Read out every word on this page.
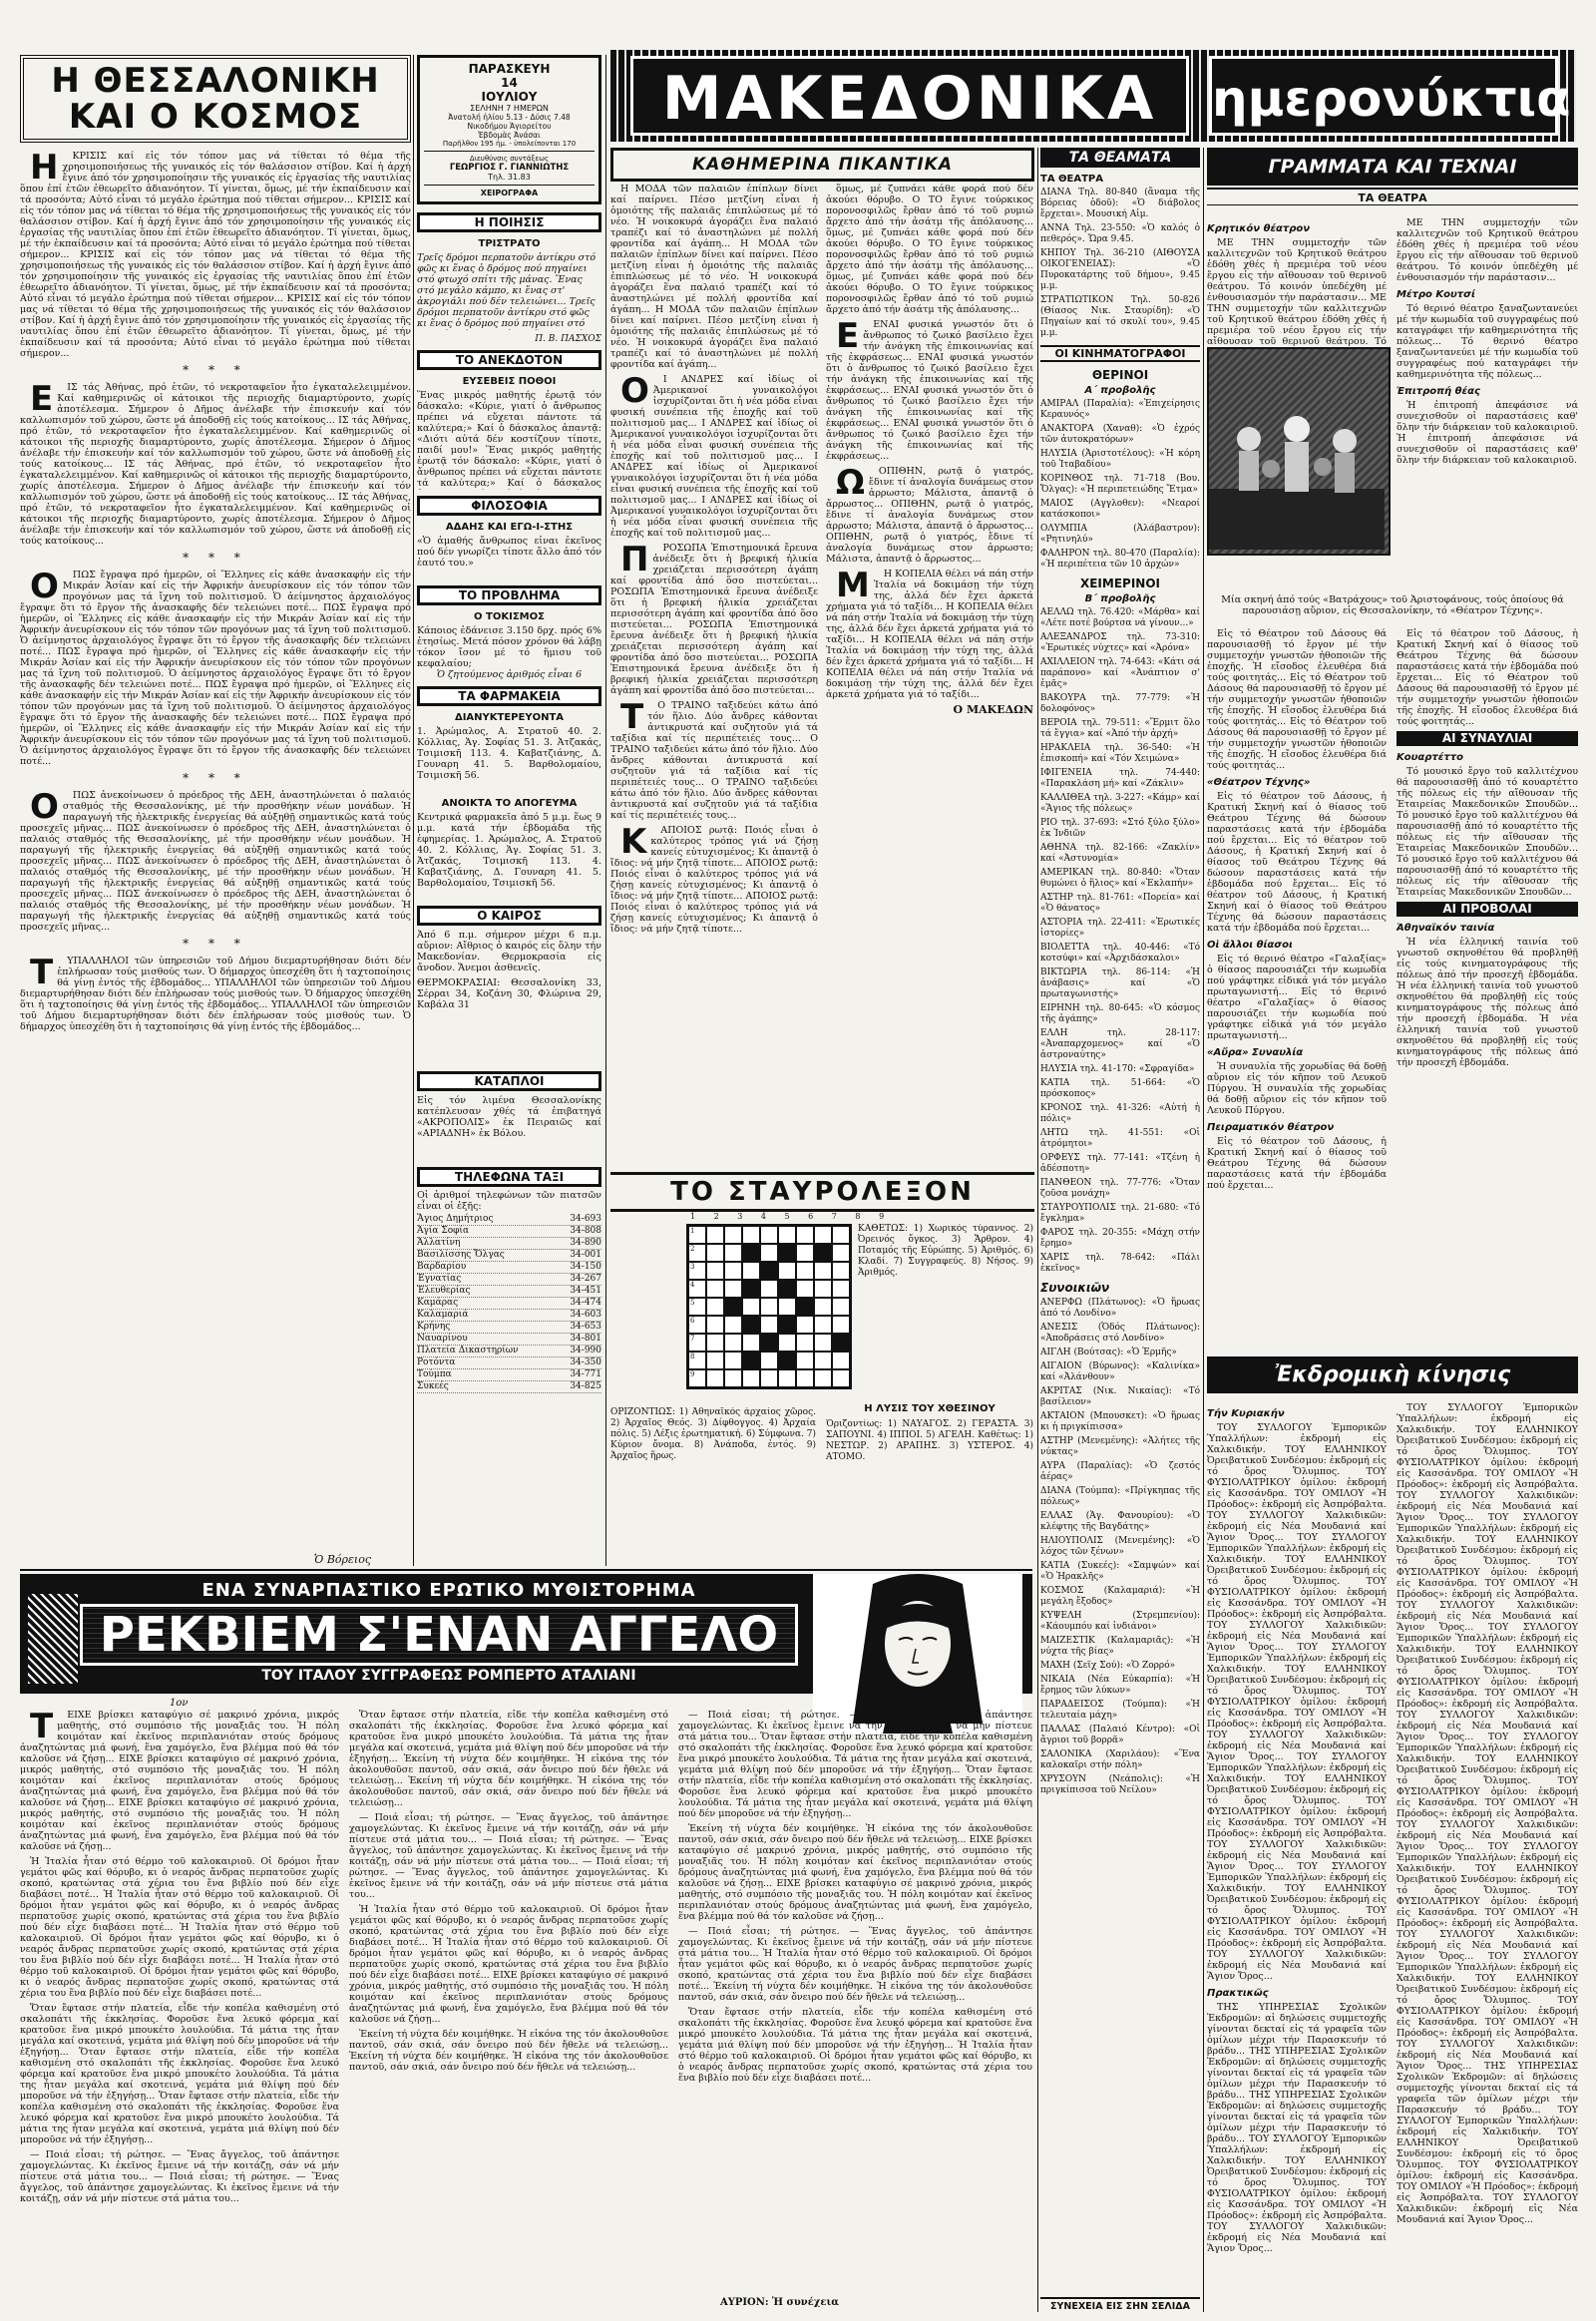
Η ΘΕΣΣΑΛΟΝΙΚΗ
ΚΑΙ Ο ΚΟΣΜΟΣ

Η ΚΡΙΣΙΣ καί εἰς τόν τόπον μας νά τίθεται τό θέμα τῆς χρησιμοποιήσεως τῆς γυναικός εἰς τόν θαλάσσιον στίβον. Καί ἡ ἀρχή ἔγινε ἀπό τόν χρησιμοποίησιν τῆς γυναικός εἰς ἐργασίας τῆς ναυτιλίας ὅπου ἐπί ἐτῶν ἐθεωρεῖτο ἀδιανόητον. Τί γίνεται, ὅμως, μέ τήν ἐκπαίδευσιν καί τά προσόντα; Αὐτό εἶναι τό μεγάλο ἐρώτημα πού τίθεται σήμερον... ΚΡΙΣΙΣ καί εἰς τόν τόπον μας νά τίθεται τό θέμα τῆς χρησιμοποιήσεως τῆς γυναικός εἰς τόν θαλάσσιον στίβον. Καί ἡ ἀρχή ἔγινε ἀπό τόν χρησιμοποίησιν τῆς γυναικός εἰς ἐργασίας τῆς ναυτιλίας ὅπου ἐπί ἐτῶν ἐθεωρεῖτο ἀδιανόητον. Τί γίνεται, ὅμως, μέ τήν ἐκπαίδευσιν καί τά προσόντα; Αὐτό εἶναι τό μεγάλο ἐρώτημα πού τίθεται σήμερον... ΚΡΙΣΙΣ καί εἰς τόν τόπον μας νά τίθεται τό θέμα τῆς χρησιμοποιήσεως τῆς γυναικός εἰς τόν θαλάσσιον στίβον. Καί ἡ ἀρχή ἔγινε ἀπό τόν χρησιμοποίησιν τῆς γυναικός εἰς ἐργασίας τῆς ναυτιλίας ὅπου ἐπί ἐτῶν ἐθεωρεῖτο ἀδιανόητον. Τί γίνεται, ὅμως, μέ τήν ἐκπαίδευσιν καί τά προσόντα; Αὐτό εἶναι τό μεγάλο ἐρώτημα πού τίθεται σήμερον... ΚΡΙΣΙΣ καί εἰς τόν τόπον μας νά τίθεται τό θέμα τῆς χρησιμοποιήσεως τῆς γυναικός εἰς τόν θαλάσσιον στίβον. Καί ἡ ἀρχή ἔγινε ἀπό τόν χρησιμοποίησιν τῆς γυναικός εἰς ἐργασίας τῆς ναυτιλίας ὅπου ἐπί ἐτῶν ἐθεωρεῖτο ἀδιανόητον. Τί γίνεται, ὅμως, μέ τήν ἐκπαίδευσιν καί τά προσόντα; Αὐτό εἶναι τό μεγάλο ἐρώτημα πού τίθεται σήμερον...

* * *

Ε ΙΣ τάς Ἀθήνας, πρό ἐτῶν, τό νεκροταφεῖον ἦτο ἐγκαταλελειμμένον. Καί καθημερινῶς οἱ κάτοικοι τῆς περιοχῆς διαμαρτύροντο, χωρίς ἀποτέλεσμα. Σήμερον ὁ Δῆμος ἀνέλαβε τήν ἐπισκευήν καί τόν καλλωπισμόν τοῦ χώρου, ὥστε νά ἀποδοθῇ εἰς τούς κατοίκους... ΙΣ τάς Ἀθήνας, πρό ἐτῶν, τό νεκροταφεῖον ἦτο ἐγκαταλελειμμένον. Καί καθημερινῶς οἱ κάτοικοι τῆς περιοχῆς διαμαρτύροντο, χωρίς ἀποτέλεσμα. Σήμερον ὁ Δῆμος ἀνέλαβε τήν ἐπισκευήν καί τόν καλλωπισμόν τοῦ χώρου, ὥστε νά ἀποδοθῇ εἰς τούς κατοίκους... ΙΣ τάς Ἀθήνας, πρό ἐτῶν, τό νεκροταφεῖον ἦτο ἐγκαταλελειμμένον. Καί καθημερινῶς οἱ κάτοικοι τῆς περιοχῆς διαμαρτύροντο, χωρίς ἀποτέλεσμα. Σήμερον ὁ Δῆμος ἀνέλαβε τήν ἐπισκευήν καί τόν καλλωπισμόν τοῦ χώρου, ὥστε νά ἀποδοθῇ εἰς τούς κατοίκους... ΙΣ τάς Ἀθήνας, πρό ἐτῶν, τό νεκροταφεῖον ἦτο ἐγκαταλελειμμένον. Καί καθημερινῶς οἱ κάτοικοι τῆς περιοχῆς διαμαρτύροντο, χωρίς ἀποτέλεσμα. Σήμερον ὁ Δῆμος ἀνέλαβε τήν ἐπισκευήν καί τόν καλλωπισμόν τοῦ χώρου, ὥστε νά ἀποδοθῇ εἰς τούς κατοίκους...

* * *

Ο ΠΩΣ ἔγραψα πρό ἡμερῶν, οἱ Ἕλληνες εἰς κάθε ἀνασκαφήν εἰς τήν Μικράν Ἀσίαν καί εἰς τήν Ἀφρικήν ἀνευρίσκουν εἰς τόν τόπον τῶν προγόνων μας τά ἴχνη τοῦ πολιτισμοῦ. Ὁ ἀείμνηστος ἀρχαιολόγος ἔγραψε ὅτι τό ἔργον τῆς ἀνασκαφῆς δέν τελειώνει ποτέ... ΠΩΣ ἔγραψα πρό ἡμερῶν, οἱ Ἕλληνες εἰς κάθε ἀνασκαφήν εἰς τήν Μικράν Ἀσίαν καί εἰς τήν Ἀφρικήν ἀνευρίσκουν εἰς τόν τόπον τῶν προγόνων μας τά ἴχνη τοῦ πολιτισμοῦ. Ὁ ἀείμνηστος ἀρχαιολόγος ἔγραψε ὅτι τό ἔργον τῆς ἀνασκαφῆς δέν τελειώνει ποτέ... ΠΩΣ ἔγραψα πρό ἡμερῶν, οἱ Ἕλληνες εἰς κάθε ἀνασκαφήν εἰς τήν Μικράν Ἀσίαν καί εἰς τήν Ἀφρικήν ἀνευρίσκουν εἰς τόν τόπον τῶν προγόνων μας τά ἴχνη τοῦ πολιτισμοῦ. Ὁ ἀείμνηστος ἀρχαιολόγος ἔγραψε ὅτι τό ἔργον τῆς ἀνασκαφῆς δέν τελειώνει ποτέ... ΠΩΣ ἔγραψα πρό ἡμερῶν, οἱ Ἕλληνες εἰς κάθε ἀνασκαφήν εἰς τήν Μικράν Ἀσίαν καί εἰς τήν Ἀφρικήν ἀνευρίσκουν εἰς τόν τόπον τῶν προγόνων μας τά ἴχνη τοῦ πολιτισμοῦ. Ὁ ἀείμνηστος ἀρχαιολόγος ἔγραψε ὅτι τό ἔργον τῆς ἀνασκαφῆς δέν τελειώνει ποτέ... ΠΩΣ ἔγραψα πρό ἡμερῶν, οἱ Ἕλληνες εἰς κάθε ἀνασκαφήν εἰς τήν Μικράν Ἀσίαν καί εἰς τήν Ἀφρικήν ἀνευρίσκουν εἰς τόν τόπον τῶν προγόνων μας τά ἴχνη τοῦ πολιτισμοῦ. Ὁ ἀείμνηστος ἀρχαιολόγος ἔγραψε ὅτι τό ἔργον τῆς ἀνασκαφῆς δέν τελειώνει ποτέ...

* * *

Ο ΠΩΣ ἀνεκοίνωσεν ὁ πρόεδρος τῆς ΔΕΗ, ἀναστηλώνεται ὁ παλαιός σταθμός τῆς Θεσσαλονίκης, μέ τήν προσθήκην νέων μονάδων. Ἡ παραγωγή τῆς ἠλεκτρικῆς ἐνεργείας θά αὐξηθῇ σημαντικῶς κατά τούς προσεχεῖς μῆνας... ΠΩΣ ἀνεκοίνωσεν ὁ πρόεδρος τῆς ΔΕΗ, ἀναστηλώνεται ὁ παλαιός σταθμός τῆς Θεσσαλονίκης, μέ τήν προσθήκην νέων μονάδων. Ἡ παραγωγή τῆς ἠλεκτρικῆς ἐνεργείας θά αὐξηθῇ σημαντικῶς κατά τούς προσεχεῖς μῆνας... ΠΩΣ ἀνεκοίνωσεν ὁ πρόεδρος τῆς ΔΕΗ, ἀναστηλώνεται ὁ παλαιός σταθμός τῆς Θεσσαλονίκης, μέ τήν προσθήκην νέων μονάδων. Ἡ παραγωγή τῆς ἠλεκτρικῆς ἐνεργείας θά αὐξηθῇ σημαντικῶς κατά τούς προσεχεῖς μῆνας... ΠΩΣ ἀνεκοίνωσεν ὁ πρόεδρος τῆς ΔΕΗ, ἀναστηλώνεται ὁ παλαιός σταθμός τῆς Θεσσαλονίκης, μέ τήν προσθήκην νέων μονάδων. Ἡ παραγωγή τῆς ἠλεκτρικῆς ἐνεργείας θά αὐξηθῇ σημαντικῶς κατά τούς προσεχεῖς μῆνας...

* * *

Τ ΥΠΑΛΛΗΛΟΙ τῶν ὑπηρεσιῶν τοῦ Δήμου διεμαρτυρήθησαν διότι δέν ἐπλήρωσαν τούς μισθούς των. Ὁ δήμαρχος ὑπεσχέθη ὅτι ἡ ταχτοποίησις θά γίνῃ ἐντός τῆς ἑβδομάδος... ΥΠΑΛΛΗΛΟΙ τῶν ὑπηρεσιῶν τοῦ Δήμου διεμαρτυρήθησαν διότι δέν ἐπλήρωσαν τούς μισθούς των. Ὁ δήμαρχος ὑπεσχέθη ὅτι ἡ ταχτοποίησις θά γίνῃ ἐντός τῆς ἑβδομάδος... ΥΠΑΛΛΗΛΟΙ τῶν ὑπηρεσιῶν τοῦ Δήμου διεμαρτυρήθησαν διότι δέν ἐπλήρωσαν τούς μισθούς των. Ὁ δήμαρχος ὑπεσχέθη ὅτι ἡ ταχτοποίησις θά γίνῃ ἐντός τῆς ἑβδομάδος...

Ὁ Βόρειος
ΠΑΡΑΣΚΕΥΗ
14
ΙΟΥΛΙΟΥ
ΣΕΛΗΝΗ 7 ΗΜΕΡΩΝ
Ἀνατολή ἡλίου 5.13 - Δύσις 7.48
Νικοδήμου Ἁγιορείτου
Ἐβδομὰς Ἀνάσαι
Παρῆλθον 195 ἡμ. - ὑπολείπονται 170
Διευθύνσις συντάξεως
ΓΕΩΡΓΙΟΣ Γ. ΓΙΑΝΝΙΩΤΗΣ
Τηλ. 31.83
ΧΕΙΡΟΓΡΑΦΑ
Η ΠΟΙΗΣΙΣ
ΤΡΙΣΤΡΑΤΟ
Τρεῖς δρόμοι περπατοῦν ἀντίκρυ στό φῶς κι ἕνας ὁ δρόμος πού πηγαίνει στό φτωχό σπίτι τῆς μάνας. Ἕνας στό μεγάλο κάμπο, κι ἕνας στ' ἀκρογιάλι πού δέν τελειώνει... Τρεῖς δρόμοι περπατοῦν ἀντίκρυ στό φῶς κι ἕνας ὁ δρόμος πού πηγαίνει στό
Π. Β. ΠΑΣΧΟΣ
ΤΟ ΑΝΕΚΔΟΤΟΝ
ΕΥΣΕΒΕΙΣ ΠΟΘΟΙ
Ἕνας μικρός μαθητής ἐρωτᾷ τόν δάσκαλο: «Κύριε, γιατί ὁ ἄνθρωπος πρέπει νά εὔχεται πάντοτε τά καλύτερα;» Καί ὁ δάσκαλος ἀπαντᾷ: «Διότι αὐτά δέν κοστίζουν τίποτε, παιδί μου!» Ἕνας μικρός μαθητής ἐρωτᾷ τόν δάσκαλο: «Κύριε, γιατί ὁ ἄνθρωπος πρέπει νά εὔχεται πάντοτε τά καλύτερα;» Καί ὁ δάσκαλος
ΦΙΛΟΣΟΦΙΑ
ΑΔΑΗΣ ΚΑΙ ΕΓΩ-Ι-ΣΤΗΣ
«Ὁ ἀμαθής ἄνθρωπος εἶναι ἐκεῖνος πού δέν γνωρίζει τίποτε ἄλλο ἀπό τόν ἑαυτό του.»
ΤΟ ΠΡΟΒΛΗΜΑ
Ο ΤΟΚΙΣΜΟΣ
Κάποιος ἐδάνεισε 3.150 δρχ. πρός 6% ἐτησίως. Μετά πόσον χρόνον θά λάβῃ τόκον ἴσον μέ τό ἥμισυ τοῦ κεφαλαίου;
Ὁ ζητούμενος ἀριθμός εἶναι 6
ΤΑ ΦΑΡΜΑΚΕΙΑ
ΔΙΑΝΥΚΤΕΡΕΥΟΝΤΑ
1. Ἀρώμαλος, Α. Στρατοῦ 40. 2. Κόλλιας, Ἁγ. Σοφίας 51. 3. Ἀτζακάς, Τσιμισκῆ 113. 4. Καβατζιάνης, Δ. Γουναρη 41. 5. Βαρθολομαίου, Τσιμισκῆ 56.
ΑΝΟΙΚΤΑ ΤΟ ΑΠΟΓΕΥΜΑ
Κεντρικά φαρμακεῖα ἀπό 5 μ.μ. ἕως 9 μ.μ. κατά τήν ἑβδομάδα τῆς ἐφημερίας. 1. Ἀρώμαλος, Α. Στρατοῦ 40. 2. Κόλλιας, Ἁγ. Σοφίας 51. 3. Ἀτζακάς, Τσιμισκῆ 113. 4. Καβατζιάνης, Δ. Γουναρη 41. 5. Βαρθολομαίου, Τσιμισκῆ 56.
Ο ΚΑΙΡΟΣ
Ἀπό 6 π.μ. σήμερον μέχρι 6 π.μ. αὔριον: Αἴθριος ὁ καιρός εἰς ὅλην τήν Μακεδονίαν. Θερμοκρασία εἰς ἄνοδον. Ἄνεμοι ἀσθενεῖς.
ΘΕΡΜΟΚΡΑΣΙΑΙ: Θεσσαλονίκη 33, Σέρραι 34, Κοζάνη 30, Φλώρινα 29, Καβάλα 31
ΚΑΤΑΠΛΟΙ
Εἰς τόν λιμένα Θεσσαλονίκης κατέπλευσαν χθές τά ἐπιβατηγά «ΑΚΡΟΠΟΛΙΣ» ἐκ Πειραιῶς καί «ΑΡΙΑΔΝΗ» ἐκ Βόλου.
ΤΗΛΕΦΩΝΑ ΤΑΞΙ
Οἱ ἀριθμοί τηλεφώνων τῶν πιατσῶν εἶναι οἱ ἑξῆς:
Ἅγιος Δημήτριος	34-693
Ἀγία Σοφία	34-808
Ἀλλατίνη	34-890
Βασιλίσσης Ὄλγας	34-001
Βαρδαρίου	34-150
Ἐγνατίας	34-267
Ἐλευθερίας	34-451
Καμάρας	34-474
Καλαμαριά	34-603
Κρήνης	34-653
Ναυαρίνου	34-801
Πλατεία Δικαστηρίων	34-990
Ροτόντα	34-350
Τούμπα	34-771
Συκεές	34-825
ΜΑΚΕΔΟΝΙΚΑ	ημερονύκτια
ΚΑΘΗΜΕΡΙΝΑ ΠΙΚΑΝΤΙΚΑ

Η ΜΟΔΑ τῶν παλαιῶν ἐπίπλων δίνει καί παίρνει. Πέσο μετζίνη εἶναι ἡ ὁμοιότης τῆς παλαιᾶς ἐπιπλώσεως μέ τό νέο. Ἡ νοικοκυρά ἀγοράζει ἕνα παλαιό τραπέζι καί τό ἀναστηλώνει μέ πολλή φροντίδα καί ἀγάπη... Η ΜΟΔΑ τῶν παλαιῶν ἐπίπλων δίνει καί παίρνει. Πέσο μετζίνη εἶναι ἡ ὁμοιότης τῆς παλαιᾶς ἐπιπλώσεως μέ τό νέο. Ἡ νοικοκυρά ἀγοράζει ἕνα παλαιό τραπέζι καί τό ἀναστηλώνει μέ πολλή φροντίδα καί ἀγάπη... Η ΜΟΔΑ τῶν παλαιῶν ἐπίπλων δίνει καί παίρνει. Πέσο μετζίνη εἶναι ἡ ὁμοιότης τῆς παλαιᾶς ἐπιπλώσεως μέ τό νέο. Ἡ νοικοκυρά ἀγοράζει ἕνα παλαιό τραπέζι καί τό ἀναστηλώνει μέ πολλή φροντίδα καί ἀγάπη...

Ο Ι ΑΝΔΡΕΣ καί ἰδίως οἱ Ἀμερικανοί γυναικολόγοι ἰσχυρίζονται ὅτι ἡ νέα μόδα εἶναι φυσική συνέπεια τῆς ἐποχῆς καί τοῦ πολιτισμοῦ μας... Ι ΑΝΔΡΕΣ καί ἰδίως οἱ Ἀμερικανοί γυναικολόγοι ἰσχυρίζονται ὅτι ἡ νέα μόδα εἶναι φυσική συνέπεια τῆς ἐποχῆς καί τοῦ πολιτισμοῦ μας... Ι ΑΝΔΡΕΣ καί ἰδίως οἱ Ἀμερικανοί γυναικολόγοι ἰσχυρίζονται ὅτι ἡ νέα μόδα εἶναι φυσική συνέπεια τῆς ἐποχῆς καί τοῦ πολιτισμοῦ μας... Ι ΑΝΔΡΕΣ καί ἰδίως οἱ Ἀμερικανοί γυναικολόγοι ἰσχυρίζονται ὅτι ἡ νέα μόδα εἶναι φυσική συνέπεια τῆς ἐποχῆς καί τοῦ πολιτισμοῦ μας...

Π ΡΟΣΩΠΑ Ἐπιστημονικά ἔρευνα ἀνέδειξε ὅτι ἡ βρεφική ἡλικία χρειάζεται περισσότερη ἀγάπη καί φροντίδα ἀπό ὅσο πιστεύεται... ΡΟΣΩΠΑ Ἐπιστημονικά ἔρευνα ἀνέδειξε ὅτι ἡ βρεφική ἡλικία χρειάζεται περισσότερη ἀγάπη καί φροντίδα ἀπό ὅσο πιστεύεται... ΡΟΣΩΠΑ Ἐπιστημονικά ἔρευνα ἀνέδειξε ὅτι ἡ βρεφική ἡλικία χρειάζεται περισσότερη ἀγάπη καί φροντίδα ἀπό ὅσο πιστεύεται... ΡΟΣΩΠΑ Ἐπιστημονικά ἔρευνα ἀνέδειξε ὅτι ἡ βρεφική ἡλικία χρειάζεται περισσότερη ἀγάπη καί φροντίδα ἀπό ὅσο πιστεύεται...

Τ Ο ΤΡΑΙΝΟ ταξιδεύει κάτω ἀπό τόν ἥλιο. Δύο ἄνδρες κάθονται ἀντικρυστά καί συζητοῦν γιά τά ταξίδια καί τίς περιπέτειές τους... Ο ΤΡΑΙΝΟ ταξιδεύει κάτω ἀπό τόν ἥλιο. Δύο ἄνδρες κάθονται ἀντικρυστά καί συζητοῦν γιά τά ταξίδια καί τίς περιπέτειές τους... Ο ΤΡΑΙΝΟ ταξιδεύει κάτω ἀπό τόν ἥλιο. Δύο ἄνδρες κάθονται ἀντικρυστά καί συζητοῦν γιά τά ταξίδια καί τίς περιπέτειές τους...

Κ ΑΠΟΙΟΣ ρωτᾷ: Ποιός εἶναι ὁ καλύτερος τρόπος γιά νά ζήσῃ κανείς εὐτυχισμένος; Κι ἀπαντᾷ ὁ ἴδιος: νά μήν ζητᾷ τίποτε... ΑΠΟΙΟΣ ρωτᾷ: Ποιός εἶναι ὁ καλύτερος τρόπος γιά νά ζήσῃ κανείς εὐτυχισμένος; Κι ἀπαντᾷ ὁ ἴδιος: νά μήν ζητᾷ τίποτε... ΑΠΟΙΟΣ ρωτᾷ: Ποιός εἶναι ὁ καλύτερος τρόπος γιά νά ζήσῃ κανείς εὐτυχισμένος; Κι ἀπαντᾷ ὁ ἴδιος: νά μήν ζητᾷ τίποτε...

ὅμως, μέ ζυπνάει κάθε φορά πού δέν ἀκούει θόρυβο. Ο ΤΟ ἔγινε τούρκικος πορονοσφιλῶς ἔρθαν ἀπό τό τοῦ ρυμιώ ἄρχετο ἀπό τήν ἀσάτμ τῆς ἀπόλαυσης... ὅμως, μέ ζυπνάει κάθε φορά πού δέν ἀκούει θόρυβο. Ο ΤΟ ἔγινε τούρκικος πορονοσφιλῶς ἔρθαν ἀπό τό τοῦ ρυμιώ ἄρχετο ἀπό τήν ἀσάτμ τῆς ἀπόλαυσης... ὅμως, μέ ζυπνάει κάθε φορά πού δέν ἀκούει θόρυβο. Ο ΤΟ ἔγινε τούρκικος πορονοσφιλῶς ἔρθαν ἀπό τό τοῦ ρυμιώ ἄρχετο ἀπό τήν ἀσάτμ τῆς ἀπόλαυσης...

Ε ΕΝΑΙ φυσικά γνωστόν ὅτι ὁ ἄνθρωπος τό ζωικό βασίλειο ἔχει τήν ἀνάγκη τῆς ἐπικοινωνίας καί τῆς ἐκφράσεως... ΕΝΑΙ φυσικά γνωστόν ὅτι ὁ ἄνθρωπος τό ζωικό βασίλειο ἔχει τήν ἀνάγκη τῆς ἐπικοινωνίας καί τῆς ἐκφράσεως... ΕΝΑΙ φυσικά γνωστόν ὅτι ὁ ἄνθρωπος τό ζωικό βασίλειο ἔχει τήν ἀνάγκη τῆς ἐπικοινωνίας καί τῆς ἐκφράσεως... ΕΝΑΙ φυσικά γνωστόν ὅτι ὁ ἄνθρωπος τό ζωικό βασίλειο ἔχει τήν ἀνάγκη τῆς ἐπικοινωνίας καί τῆς ἐκφράσεως...

Ω ΟΠΙΘΗΝ, ρωτᾷ ὁ γιατρός, ἔδινε τί ἀναλογία δυνάμεως στον ἀρρωστο; Μάλιστα, ἀπαντᾷ ὁ ἄρρωστος... ΟΠΙΘΗΝ, ρωτᾷ ὁ γιατρός, ἔδινε τί ἀναλογία δυνάμεως στον ἀρρωστο; Μάλιστα, ἀπαντᾷ ὁ ἄρρωστος... ΟΠΙΘΗΝ, ρωτᾷ ὁ γιατρός, ἔδινε τί ἀναλογία δυνάμεως στον ἀρρωστο; Μάλιστα, ἀπαντᾷ ὁ ἄρρωστος...

Μ Η ΚΟΠΕΛΙΑ θέλει νά πάη στήν Ἰταλία νά δοκιμάσῃ τήν τύχη της, ἀλλά δέν ἔχει ἀρκετά χρήματα γιά τό ταξίδι... Η ΚΟΠΕΛΙΑ θέλει νά πάη στήν Ἰταλία νά δοκιμάσῃ τήν τύχη της, ἀλλά δέν ἔχει ἀρκετά χρήματα γιά τό ταξίδι... Η ΚΟΠΕΛΙΑ θέλει νά πάη στήν Ἰταλία νά δοκιμάσῃ τήν τύχη της, ἀλλά δέν ἔχει ἀρκετά χρήματα γιά τό ταξίδι... Η ΚΟΠΕΛΙΑ θέλει νά πάη στήν Ἰταλία νά δοκιμάσῃ τήν τύχη της, ἀλλά δέν ἔχει ἀρκετά χρήματα γιά τό ταξίδι...

Ο ΜΑΚΕΔΩΝ
ΤΟ ΣΤΑΥΡΟΛΕΞΟΝ
1 2 3 4 5 6 7 8 9
1
2
3
4
5
6
7
8
9
ΚΑΘΕΤΩΣ: 1) Χωρικός τύραννος. 2) Ὀρεινός ὄγκος. 3) Ἄρθρον. 4) Ποταμός τῆς Εὐρώπης. 5) Ἀριθμός. 6) Κλαδί. 7) Συγγραφεύς. 8) Νήσος. 9) Ἀριθμός.
ΟΡΙΖΟΝΤΙΩΣ: 1) Ἀθηναϊκός ἀρχαίος χῶρος. 2) Ἀρχαῖος Θεός. 3) Δίφθογγος. 4) Ἀρχαία πόλις. 5) Λέξις ἐρωτηματική. 6) Σύμφωνα. 7) Κύριον ὄνομα. 8) Ἀνάποδα, ἐντός. 9) Ἀρχαῖος ἥρως.
Η ΛΥΣΙΣ ΤΟΥ ΧΘΕΣΙΝΟΥ
Ὁριζοντίως: 1) ΝΑΥΑΓΟΣ. 2) ΓΕΡΑΣΤΑ. 3) ΣΑΠΟΥΝΙ. 4) ΙΠΠΟΙ. 5) ΑΓΕΛΗ. Καθέτως: 1) ΝΕΣΤΩΡ. 2) ΑΡΑΠΗΣ. 3) ΥΣΤΕΡΟΣ. 4) ΑΤΟΜΟ.
ΤΑ ΘΕΑΜΑΤΑ
ΤΑ ΘΕΑΤΡΑ
ΔΙΑΝΑ Τηλ. 80-840 (ἄναμα τῆς Βόρειας ὁδοῦ): «Ὁ διάβολος ἔρχεται». Μουσική Αἰμ.
ΑΝΝΑ Τηλ. 23-550: «Ὁ καλός ὁ πεθερός». Ὥρα 9.45.
ΚΗΠΟΥ Τηλ. 36-210 (ΑΙΘΟΥΣΑ ΟΙΚΟΓΕΝΕΙΑΣ): «Ὁ Πυροκατάρτης τοῦ δήμου», 9.45 μ.μ.
ΣΤΡΑΤΙΩΤΙΚΟΝ Τηλ. 50-826 (Θίασος Νικ. Σταυρίδη): «Ὁ Πηγαίων καί τό σκυλί του», 9.45 μ.μ.
ΟΙ ΚΙΝΗΜΑΤΟΓΡΑΦΟΙ
ΘΕΡΙΝΟΙ
Α΄ προβολῆς
ΑΜΙΡΑΛ (Παραλία): «Ἐπιχείρησις Κεραυνός»
ΑΝΑΚΤΟΡΑ (Χαναθ): «Ὁ ἐχρός τῶν ἀυτοκρατόρων»
ΗΛΥΣΙΑ (Ἀριστοτέλους): «Ἡ κόρη τοῦ Ἰταβαδίου»
ΚΟΡΙΝΘΟΣ τηλ. 71-718 (Βου. Ὄλγας): «Ἡ περιπετειώδης Ἔτμα»
ΜΑΙΟΣ (Αγγλοθεν): «Νεαροί κατάσκοποι»
ΟΛΥΜΠΙΑ (Ἀλάβαστρον): «Ρητινηλύ»
ΦΑΛΗΡΟΝ τηλ. 80-470 (Παραλία): «Ἡ περιπέτεια τῶν 10 ἀρχών»
ΧΕΙΜΕΡΙΝΟΙ
Β΄ προβολῆς
ΑΕΛΛΩ τηλ. 76.420: «Μάρθα» καί «Λέτε ποτέ βούρτσα νά γίνουν...»
ΑΛΕΞΑΝΔΡΟΣ τηλ. 73-310: «Ἐρωτικές νύχτες» καί «Ἀρόνα»
ΑΧΙΛΛΕΙΟΝ τηλ. 74-643: «Κάτι σά παράπονο» καί «Ἀνάπτιον σ' ἐμᾶς»
ΒΑΚΟΥΡΑ τηλ. 77-779: «Ἡ δολοφόνος»
ΒΕΡΟΙΑ τηλ. 79-511: «Ἔρμιτ ὅλο τά ἔγγια» καί «Ἀπό τήν ἀρχή»
ΗΡΑΚΛΕΙΑ τηλ. 36-540: «Ἡ ἐπισκοπή» καί «Τόν Χειμώνα»
ΙΦΙΓΕΝΕΙΑ τηλ. 74-440: «Παρακλάση μή» καί «Ζάκλιν»
ΚΑΛΛΙΘΕΑ τηλ. 3-227: «Κάμρ» καί «Ἅγιος τῆς πόλεως»
ΡΙΟ τηλ. 37-693: «Στό ξύλο ξύλο» ἐκ Ἰνδιῶν
ΑΘΗΝΑ τηλ. 82-166: «Ζακλίν» καί «Ἀστυνομία»
ΑΜΕΡΙΚΑΝ τηλ. 80-840: «Ὅταν θυμώνει ὁ ἥλιος» καί «Ἐκλαπήν»
ΑΣΤΗΡ τηλ. 81-761: «Πορεία» καί «Ὁ θάνατος»
ΑΣΤΟΡΙΑ τηλ. 22-411: «Ἐρωτικές ἱστορίες»
ΒΙΟΛΕΤΤΑ τηλ. 40-446: «Τό κοτσύφι» καί «Ἀρχιδάσκαλοι»
ΒΙΚΤΩΡΙΑ τηλ. 86-114: «Ἡ ἀνάβασις» καί «Ὁ πρωταγωνιστής»
ΕΙΡΗΝΗ τηλ. 80-645: «Ὁ κόσμος τῆς ἀγάπης»
ΕΛΛΗ τηλ. 28-117: «Ἀναπαρχομενος» καί «Ὁ ἀστροναύτης»
ΗΛΥΣΙΑ τηλ. 41-170: «Σφραγίδα»
ΚΑΤΙΑ τηλ. 51-664: «Ὁ πρόσκοπος»
ΚΡΟΝΟΣ τηλ. 41-326: «Αὐτή ἡ πόλις»
ΛΗΤΩ τηλ. 41-551: «Οἱ ἀτρόμητοι»
ΟΡΦΕΥΣ τηλ. 77-141: «Τζένη ἡ ἀδέσποτη»
ΠΑΝΘΕΟΝ τηλ. 77-776: «Ὅταν ζοῦσα μονάχη»
ΣΤΑΥΡΟΥΠΟΛΙΣ τηλ. 21-680: «Τό ἔγκλημα»
ΦΑΡΟΣ τηλ. 20-355: «Μάχη στήν ἔρημο»
ΧΑΡΙΣ τηλ. 78-642: «Πάλι ἐκεῖνος»
Συνοικιῶν
ΑΝΕΡΦΩ (Πλάτωνος): «Ὁ ἥρωας ἀπό τό Λονδίνο»
ΑΝΕΣΙΣ (Ὁδός Πλάτωνος): «Ἀποδράσεις στό Λονδίνο»
ΑΙΓΛΗ (Βούτσας): «Ὁ Ἑρμῆς»
ΑΙΓΑΙΟΝ (Βύρωνος): «Καλινίκα» καί «Ἀλάνθουν»
ΑΚΡΙΤΑΣ (Νικ. Νικαίας): «Τό βασίλειον»
ΑΚΤΑΙΟΝ (Μπουσκετ): «Ὁ ἥρωας κι ἡ πριγκίπισσα»
ΑΣΤΗΡ (Μενεμένης): «Ἀλήτες τῆς νύκτας»
ΑΥΡΑ (Παραλίας): «Ὁ ζεστός ἀέρας»
ΔΙΑΝΑ (Τούμπα): «Πρίγκηπας τῆς πόλεως»
ΕΛΛΑΣ (Ἁγ. Φανουρίου): «Ὁ κλέφτης τῆς Βαγδάτης»
ΗΛΙΟΥΠΟΛΙΣ (Μενεμένης): «Ὁ λόχος τῶν ξένων»
ΚΑΤΙΑ (Συκεές): «Σαμψών» καί «Ὁ Ἡρακλῆς»
ΚΟΣΜΟΣ (Καλαμαριά): «Ἡ μεγάλη ἔξοδος»
ΚΥΨΕΛΗ (Στρεμπενίου): «Κάουμπόυ καί ἰνδιάνοι»
ΜΑΙΖΕΣΤΙΚ (Καλαμαριᾶς): «Ἡ νύχτα τῆς βίας»
ΜΑΧΗ (Σεϊχ Σού): «Ὁ Ζορρό»
ΝΙΚΑΙΑ (Νέα Εὐκαρπία): «Ἡ ἔρημος τῶν λύκων»
ΠΑΡΑΔΕΙΣΟΣ (Τούμπα): «Ἡ τελευταία μάχη»
ΠΑΛΛΑΣ (Παλαιό Κέντρο): «Οἱ ἄγριοι τοῦ βορρᾶ»
ΣΑΛΟΝΙΚΑ (Χαριλάου): «Ἕνα καλοκαῖρι στήν πόλη»
ΧΡΥΣΟΥΝ (Νεάπολις): «Ἡ πριγκίπισσα τοῦ Νείλου»
ΣΥΝΕΧΕΙΑ ΕΙΣ ΣΗΝ ΣΕΛΙΔΑ
ΓΡΑΜΜΑΤΑ ΚΑΙ ΤΕΧΝΑΙ
ΤΑ ΘΕΑΤΡΑ
Κρητικόν θέατρον

ΜΕ ΤΗΝ συμμετοχήν τῶν καλλιτεχνῶν τοῦ Κρητικοῦ θεάτρου ἐδόθη χθές ἡ πρεμιέρα τοῦ νέου ἔργου εἰς τήν αἴθουσαν τοῦ θερινοῦ θεάτρου. Τό κοινόν ὑπεδέχθη μέ ἐνθουσιασμόν τήν παράστασιν... ΜΕ ΤΗΝ συμμετοχήν τῶν καλλιτεχνῶν τοῦ Κρητικοῦ θεάτρου ἐδόθη χθές ἡ πρεμιέρα τοῦ νέου ἔργου εἰς τήν αἴθουσαν τοῦ θερινοῦ θεάτρου. Τό

ΜΕ ΤΗΝ συμμετοχήν τῶν καλλιτεχνῶν τοῦ Κρητικοῦ θεάτρου ἐδόθη χθές ἡ πρεμιέρα τοῦ νέου ἔργου εἰς τήν αἴθουσαν τοῦ θερινοῦ θεάτρου. Τό κοινόν ὑπεδέχθη μέ ἐνθουσιασμόν τήν παράστασιν...

Μέτρο Κουτσί

Τό θερινό θέατρο ξαναζωντανεύει μέ τήν κωμωδία τοῦ συγγραφέως πού καταγράφει τήν καθημερινότητα τῆς πόλεως... Τό θερινό θέατρο ξαναζωντανεύει μέ τήν κωμωδία τοῦ συγγραφέως πού καταγράφει τήν καθημερινότητα τῆς πόλεως...

Ἐπιτροπή θέας

Ἡ ἐπιτροπή ἀπεφάσισε νά συνεχισθοῦν οἱ παραστάσεις καθ' ὅλην τήν διάρκειαν τοῦ καλοκαιριοῦ. Ἡ ἐπιτροπή ἀπεφάσισε νά συνεχισθοῦν οἱ παραστάσεις καθ' ὅλην τήν διάρκειαν τοῦ καλοκαιριοῦ.

Μία σκηνή ἀπό τούς «Βατράχους» τοῦ Ἀριστοφάνους, τούς ὁποίους θά παρουσιάσῃ αὔριον, εἰς Θεσσαλονίκην, τό «Θέατρον Τέχνης».

Εἰς τό Θέατρον τοῦ Δάσους θά παρουσιασθῇ τό ἔργον μέ τήν συμμετοχήν γνωστῶν ἠθοποιῶν τῆς ἐποχῆς. Ἡ εἴσοδος ἐλευθέρα διά τούς φοιτητάς... Εἰς τό Θέατρον τοῦ Δάσους θά παρουσιασθῇ τό ἔργον μέ τήν συμμετοχήν γνωστῶν ἠθοποιῶν τῆς ἐποχῆς. Ἡ εἴσοδος ἐλευθέρα διά τούς φοιτητάς... Εἰς τό Θέατρον τοῦ Δάσους θά παρουσιασθῇ τό ἔργον μέ τήν συμμετοχήν γνωστῶν ἠθοποιῶν τῆς ἐποχῆς. Ἡ εἴσοδος ἐλευθέρα διά τούς φοιτητάς...

«Θέατρον Τέχνης»

Εἰς τό θέατρον τοῦ Δάσους, ἡ Κρατική Σκηνή καί ὁ θίασος τοῦ Θεάτρου Τέχνης θά δώσουν παραστάσεις κατά τήν ἑβδομάδα πού ἔρχεται... Εἰς τό θέατρον τοῦ Δάσους, ἡ Κρατική Σκηνή καί ὁ θίασος τοῦ Θεάτρου Τέχνης θά δώσουν παραστάσεις κατά τήν ἑβδομάδα πού ἔρχεται... Εἰς τό θέατρον τοῦ Δάσους, ἡ Κρατική Σκηνή καί ὁ θίασος τοῦ Θεάτρου Τέχνης θά δώσουν παραστάσεις κατά τήν ἑβδομάδα πού ἔρχεται...

Οἱ ἄλλοι θίασοι

Εἰς τό θερινό θέατρο «Γαλαξίας» ὁ θίασος παρουσιάζει τήν κωμωδία πού γράφτηκε εἰδικά γιά τόν μεγάλο πρωταγωνιστή... Εἰς τό θερινό θέατρο «Γαλαξίας» ὁ θίασος παρουσιάζει τήν κωμωδία πού γράφτηκε εἰδικά γιά τόν μεγάλο πρωταγωνιστή...

«Αὔρα» Συναυλία

Ἡ συναυλία τῆς χορωδίας θά δοθῇ αὔριον εἰς τόν κῆπον τοῦ Λευκοῦ Πύργου. Ἡ συναυλία τῆς χορωδίας θά δοθῇ αὔριον εἰς τόν κῆπον τοῦ Λευκοῦ Πύργου.

Πειραματικόν θέατρον

Εἰς τό θέατρον τοῦ Δάσους, ἡ Κρατική Σκηνή καί ὁ θίασος τοῦ Θεάτρου Τέχνης θά δώσουν παραστάσεις κατά τήν ἑβδομάδα πού ἔρχεται...

Εἰς τό θέατρον τοῦ Δάσους, ἡ Κρατική Σκηνή καί ὁ θίασος τοῦ Θεάτρου Τέχνης θά δώσουν παραστάσεις κατά τήν ἑβδομάδα πού ἔρχεται... Εἰς τό Θέατρον τοῦ Δάσους θά παρουσιασθῇ τό ἔργον μέ τήν συμμετοχήν γνωστῶν ἠθοποιῶν τῆς ἐποχῆς. Ἡ εἴσοδος ἐλευθέρα διά τούς φοιτητάς...

ΑΙ ΣΥΝΑΥΛΙΑΙ
Κουαρτέττο

Τό μουσικό ἔργο τοῦ καλλιτέχνου θά παρουσιασθῇ ἀπό τό κουαρτέττο τῆς πόλεως εἰς τήν αἴθουσαν τῆς Ἑταιρείας Μακεδονικῶν Σπουδῶν... Τό μουσικό ἔργο τοῦ καλλιτέχνου θά παρουσιασθῇ ἀπό τό κουαρτέττο τῆς πόλεως εἰς τήν αἴθουσαν τῆς Ἑταιρείας Μακεδονικῶν Σπουδῶν... Τό μουσικό ἔργο τοῦ καλλιτέχνου θά παρουσιασθῇ ἀπό τό κουαρτέττο τῆς πόλεως εἰς τήν αἴθουσαν τῆς Ἑταιρείας Μακεδονικῶν Σπουδῶν...

ΑΙ ΠΡΟΒΟΛΑΙ
Ἀθηναϊκόν ταινία

Ἡ νέα ἑλληνική ταινία τοῦ γνωστοῦ σκηνοθέτου θά προβληθῇ εἰς τούς κινηματογράφους τῆς πόλεως ἀπό τήν προσεχῆ ἑβδομάδα. Ἡ νέα ἑλληνική ταινία τοῦ γνωστοῦ σκηνοθέτου θά προβληθῇ εἰς τούς κινηματογράφους τῆς πόλεως ἀπό τήν προσεχῆ ἑβδομάδα. Ἡ νέα ἑλληνική ταινία τοῦ γνωστοῦ σκηνοθέτου θά προβληθῇ εἰς τούς κινηματογράφους τῆς πόλεως ἀπό τήν προσεχῆ ἑβδομάδα.

Ἐκδρομικὴ κίνησις
Τήν Κυριακήν

ΤΟΥ ΣΥΛΛΟΓΟΥ Ἐμπορικῶν Ὑπαλλήλων: ἐκδρομή εἰς Χαλκιδικήν. ΤΟΥ ΕΛΛΗΝΙΚΟΥ Ὀρειβατικοῦ Συνδέσμου: ἐκδρομή εἰς τό ὄρος Ὄλυμπος. ΤΟΥ ΦΥΣΙΟΛΑΤΡΙΚΟΥ ὁμίλου: ἐκδρομή εἰς Κασσάνδρα. ΤΟΥ ΟΜΙΛΟΥ «Ἡ Πρόοδος»: ἐκδρομή εἰς Ἀσπρόβαλτα. ΤΟΥ ΣΥΛΛΟΓΟΥ Χαλκιδικῶν: ἐκδρομή εἰς Νέα Μουδανιά καί Ἅγιον Ὄρος... ΤΟΥ ΣΥΛΛΟΓΟΥ Ἐμπορικῶν Ὑπαλλήλων: ἐκδρομή εἰς Χαλκιδικήν. ΤΟΥ ΕΛΛΗΝΙΚΟΥ Ὀρειβατικοῦ Συνδέσμου: ἐκδρομή εἰς τό ὄρος Ὄλυμπος. ΤΟΥ ΦΥΣΙΟΛΑΤΡΙΚΟΥ ὁμίλου: ἐκδρομή εἰς Κασσάνδρα. ΤΟΥ ΟΜΙΛΟΥ «Ἡ Πρόοδος»: ἐκδρομή εἰς Ἀσπρόβαλτα. ΤΟΥ ΣΥΛΛΟΓΟΥ Χαλκιδικῶν: ἐκδρομή εἰς Νέα Μουδανιά καί Ἅγιον Ὄρος... ΤΟΥ ΣΥΛΛΟΓΟΥ Ἐμπορικῶν Ὑπαλλήλων: ἐκδρομή εἰς Χαλκιδικήν. ΤΟΥ ΕΛΛΗΝΙΚΟΥ Ὀρειβατικοῦ Συνδέσμου: ἐκδρομή εἰς τό ὄρος Ὄλυμπος. ΤΟΥ ΦΥΣΙΟΛΑΤΡΙΚΟΥ ὁμίλου: ἐκδρομή εἰς Κασσάνδρα. ΤΟΥ ΟΜΙΛΟΥ «Ἡ Πρόοδος»: ἐκδρομή εἰς Ἀσπρόβαλτα. ΤΟΥ ΣΥΛΛΟΓΟΥ Χαλκιδικῶν: ἐκδρομή εἰς Νέα Μουδανιά καί Ἅγιον Ὄρος... ΤΟΥ ΣΥΛΛΟΓΟΥ Ἐμπορικῶν Ὑπαλλήλων: ἐκδρομή εἰς Χαλκιδικήν. ΤΟΥ ΕΛΛΗΝΙΚΟΥ Ὀρειβατικοῦ Συνδέσμου: ἐκδρομή εἰς τό ὄρος Ὄλυμπος. ΤΟΥ ΦΥΣΙΟΛΑΤΡΙΚΟΥ ὁμίλου: ἐκδρομή εἰς Κασσάνδρα. ΤΟΥ ΟΜΙΛΟΥ «Ἡ Πρόοδος»: ἐκδρομή εἰς Ἀσπρόβαλτα. ΤΟΥ ΣΥΛΛΟΓΟΥ Χαλκιδικῶν: ἐκδρομή εἰς Νέα Μουδανιά καί Ἅγιον Ὄρος... ΤΟΥ ΣΥΛΛΟΓΟΥ Ἐμπορικῶν Ὑπαλλήλων: ἐκδρομή εἰς Χαλκιδικήν. ΤΟΥ ΕΛΛΗΝΙΚΟΥ Ὀρειβατικοῦ Συνδέσμου: ἐκδρομή εἰς τό ὄρος Ὄλυμπος. ΤΟΥ ΦΥΣΙΟΛΑΤΡΙΚΟΥ ὁμίλου: ἐκδρομή εἰς Κασσάνδρα. ΤΟΥ ΟΜΙΛΟΥ «Ἡ Πρόοδος»: ἐκδρομή εἰς Ἀσπρόβαλτα. ΤΟΥ ΣΥΛΛΟΓΟΥ Χαλκιδικῶν: ἐκδρομή εἰς Νέα Μουδανιά καί Ἅγιον Ὄρος...

Πρακτικῶς

ΤΗΣ ΥΠΗΡΕΣΙΑΣ Σχολικῶν Ἐκδρομῶν: αἱ δηλώσεις συμμετοχῆς γίνονται δεκταί εἰς τά γραφεῖα τῶν ὁμίλων μέχρι τήν Παρασκευήν τό βράδυ... ΤΗΣ ΥΠΗΡΕΣΙΑΣ Σχολικῶν Ἐκδρομῶν: αἱ δηλώσεις συμμετοχῆς γίνονται δεκταί εἰς τά γραφεῖα τῶν ὁμίλων μέχρι τήν Παρασκευήν τό βράδυ... ΤΗΣ ΥΠΗΡΕΣΙΑΣ Σχολικῶν Ἐκδρομῶν: αἱ δηλώσεις συμμετοχῆς γίνονται δεκταί εἰς τά γραφεῖα τῶν ὁμίλων μέχρι τήν Παρασκευήν τό βράδυ... ΤΟΥ ΣΥΛΛΟΓΟΥ Ἐμπορικῶν Ὑπαλλήλων: ἐκδρομή εἰς Χαλκιδικήν. ΤΟΥ ΕΛΛΗΝΙΚΟΥ Ὀρειβατικοῦ Συνδέσμου: ἐκδρομή εἰς τό ὄρος Ὄλυμπος. ΤΟΥ ΦΥΣΙΟΛΑΤΡΙΚΟΥ ὁμίλου: ἐκδρομή εἰς Κασσάνδρα. ΤΟΥ ΟΜΙΛΟΥ «Ἡ Πρόοδος»: ἐκδρομή εἰς Ἀσπρόβαλτα. ΤΟΥ ΣΥΛΛΟΓΟΥ Χαλκιδικῶν: ἐκδρομή εἰς Νέα Μουδανιά καί Ἅγιον Ὄρος...

ΤΟΥ ΣΥΛΛΟΓΟΥ Ἐμπορικῶν Ὑπαλλήλων: ἐκδρομή εἰς Χαλκιδικήν. ΤΟΥ ΕΛΛΗΝΙΚΟΥ Ὀρειβατικοῦ Συνδέσμου: ἐκδρομή εἰς τό ὄρος Ὄλυμπος. ΤΟΥ ΦΥΣΙΟΛΑΤΡΙΚΟΥ ὁμίλου: ἐκδρομή εἰς Κασσάνδρα. ΤΟΥ ΟΜΙΛΟΥ «Ἡ Πρόοδος»: ἐκδρομή εἰς Ἀσπρόβαλτα. ΤΟΥ ΣΥΛΛΟΓΟΥ Χαλκιδικῶν: ἐκδρομή εἰς Νέα Μουδανιά καί Ἅγιον Ὄρος... ΤΟΥ ΣΥΛΛΟΓΟΥ Ἐμπορικῶν Ὑπαλλήλων: ἐκδρομή εἰς Χαλκιδικήν. ΤΟΥ ΕΛΛΗΝΙΚΟΥ Ὀρειβατικοῦ Συνδέσμου: ἐκδρομή εἰς τό ὄρος Ὄλυμπος. ΤΟΥ ΦΥΣΙΟΛΑΤΡΙΚΟΥ ὁμίλου: ἐκδρομή εἰς Κασσάνδρα. ΤΟΥ ΟΜΙΛΟΥ «Ἡ Πρόοδος»: ἐκδρομή εἰς Ἀσπρόβαλτα. ΤΟΥ ΣΥΛΛΟΓΟΥ Χαλκιδικῶν: ἐκδρομή εἰς Νέα Μουδανιά καί Ἅγιον Ὄρος... ΤΟΥ ΣΥΛΛΟΓΟΥ Ἐμπορικῶν Ὑπαλλήλων: ἐκδρομή εἰς Χαλκιδικήν. ΤΟΥ ΕΛΛΗΝΙΚΟΥ Ὀρειβατικοῦ Συνδέσμου: ἐκδρομή εἰς τό ὄρος Ὄλυμπος. ΤΟΥ ΦΥΣΙΟΛΑΤΡΙΚΟΥ ὁμίλου: ἐκδρομή εἰς Κασσάνδρα. ΤΟΥ ΟΜΙΛΟΥ «Ἡ Πρόοδος»: ἐκδρομή εἰς Ἀσπρόβαλτα. ΤΟΥ ΣΥΛΛΟΓΟΥ Χαλκιδικῶν: ἐκδρομή εἰς Νέα Μουδανιά καί Ἅγιον Ὄρος... ΤΟΥ ΣΥΛΛΟΓΟΥ Ἐμπορικῶν Ὑπαλλήλων: ἐκδρομή εἰς Χαλκιδικήν. ΤΟΥ ΕΛΛΗΝΙΚΟΥ Ὀρειβατικοῦ Συνδέσμου: ἐκδρομή εἰς τό ὄρος Ὄλυμπος. ΤΟΥ ΦΥΣΙΟΛΑΤΡΙΚΟΥ ὁμίλου: ἐκδρομή εἰς Κασσάνδρα. ΤΟΥ ΟΜΙΛΟΥ «Ἡ Πρόοδος»: ἐκδρομή εἰς Ἀσπρόβαλτα. ΤΟΥ ΣΥΛΛΟΓΟΥ Χαλκιδικῶν: ἐκδρομή εἰς Νέα Μουδανιά καί Ἅγιον Ὄρος... ΤΟΥ ΣΥΛΛΟΓΟΥ Ἐμπορικῶν Ὑπαλλήλων: ἐκδρομή εἰς Χαλκιδικήν. ΤΟΥ ΕΛΛΗΝΙΚΟΥ Ὀρειβατικοῦ Συνδέσμου: ἐκδρομή εἰς τό ὄρος Ὄλυμπος. ΤΟΥ ΦΥΣΙΟΛΑΤΡΙΚΟΥ ὁμίλου: ἐκδρομή εἰς Κασσάνδρα. ΤΟΥ ΟΜΙΛΟΥ «Ἡ Πρόοδος»: ἐκδρομή εἰς Ἀσπρόβαλτα. ΤΟΥ ΣΥΛΛΟΓΟΥ Χαλκιδικῶν: ἐκδρομή εἰς Νέα Μουδανιά καί Ἅγιον Ὄρος... ΤΟΥ ΣΥΛΛΟΓΟΥ Ἐμπορικῶν Ὑπαλλήλων: ἐκδρομή εἰς Χαλκιδικήν. ΤΟΥ ΕΛΛΗΝΙΚΟΥ Ὀρειβατικοῦ Συνδέσμου: ἐκδρομή εἰς τό ὄρος Ὄλυμπος. ΤΟΥ ΦΥΣΙΟΛΑΤΡΙΚΟΥ ὁμίλου: ἐκδρομή εἰς Κασσάνδρα. ΤΟΥ ΟΜΙΛΟΥ «Ἡ Πρόοδος»: ἐκδρομή εἰς Ἀσπρόβαλτα. ΤΟΥ ΣΥΛΛΟΓΟΥ Χαλκιδικῶν: ἐκδρομή εἰς Νέα Μουδανιά καί Ἅγιον Ὄρος... ΤΗΣ ΥΠΗΡΕΣΙΑΣ Σχολικῶν Ἐκδρομῶν: αἱ δηλώσεις συμμετοχῆς γίνονται δεκταί εἰς τά γραφεῖα τῶν ὁμίλων μέχρι τήν Παρασκευήν τό βράδυ... ΤΟΥ ΣΥΛΛΟΓΟΥ Ἐμπορικῶν Ὑπαλλήλων: ἐκδρομή εἰς Χαλκιδικήν. ΤΟΥ ΕΛΛΗΝΙΚΟΥ Ὀρειβατικοῦ Συνδέσμου: ἐκδρομή εἰς τό ὄρος Ὄλυμπος. ΤΟΥ ΦΥΣΙΟΛΑΤΡΙΚΟΥ ὁμίλου: ἐκδρομή εἰς Κασσάνδρα. ΤΟΥ ΟΜΙΛΟΥ «Ἡ Πρόοδος»: ἐκδρομή εἰς Ἀσπρόβαλτα. ΤΟΥ ΣΥΛΛΟΓΟΥ Χαλκιδικῶν: ἐκδρομή εἰς Νέα Μουδανιά καί Ἅγιον Ὄρος...

ΕΝΑ ΣΥΝΑΡΠΑΣΤΙΚΟ ΕΡΩΤΙΚΟ ΜΥΘΙΣΤΟΡΗΜΑ
ΡΕΚΒΙΕΜ Σ'ΕΝΑΝ ΑΓΓΕΛΟ
ΤΟΥ ΙΤΑΛΟΥ ΣΥΓΓΡΑΦΕΩΣ ΡΟΜΠΕΡΤΟ ΑΤΑΛΙΑΝΙ
1ον

Τ ΕΙΧΕ βρίσκει καταφύγιο σέ μακρινό χρόνια, μικρός μαθητής, στό συμπόσιο τῆς μοναξιᾶς του. Ἡ πόλη κοιμόταν καί ἐκεῖνος περιπλανιόταν στούς δρόμους ἀναζητώντας μιά φωνή, ἕνα χαμόγελο, ἕνα βλέμμα πού θά τόν καλοῦσε νά ζήσῃ... ΕΙΧΕ βρίσκει καταφύγιο σέ μακρινό χρόνια, μικρός μαθητής, στό συμπόσιο τῆς μοναξιᾶς του. Ἡ πόλη κοιμόταν καί ἐκεῖνος περιπλανιόταν στούς δρόμους ἀναζητώντας μιά φωνή, ἕνα χαμόγελο, ἕνα βλέμμα πού θά τόν καλοῦσε νά ζήσῃ... ΕΙΧΕ βρίσκει καταφύγιο σέ μακρινό χρόνια, μικρός μαθητής, στό συμπόσιο τῆς μοναξιᾶς του. Ἡ πόλη κοιμόταν καί ἐκεῖνος περιπλανιόταν στούς δρόμους ἀναζητώντας μιά φωνή, ἕνα χαμόγελο, ἕνα βλέμμα πού θά τόν καλοῦσε νά ζήσῃ...

Ἡ Ἰταλία ἦταν στό θέρμο τοῦ καλοκαιριοῦ. Οἱ δρόμοι ἦταν γεμάτοι φῶς καί θόρυβο, κι ὁ νεαρός ἄνδρας περπατοῦσε χωρίς σκοπό, κρατώντας στά χέρια του ἕνα βιβλίο πού δέν εἶχε διαβάσει ποτέ... Ἡ Ἰταλία ἦταν στό θέρμο τοῦ καλοκαιριοῦ. Οἱ δρόμοι ἦταν γεμάτοι φῶς καί θόρυβο, κι ὁ νεαρός ἄνδρας περπατοῦσε χωρίς σκοπό, κρατώντας στά χέρια του ἕνα βιβλίο πού δέν εἶχε διαβάσει ποτέ... Ἡ Ἰταλία ἦταν στό θέρμο τοῦ καλοκαιριοῦ. Οἱ δρόμοι ἦταν γεμάτοι φῶς καί θόρυβο, κι ὁ νεαρός ἄνδρας περπατοῦσε χωρίς σκοπό, κρατώντας στά χέρια του ἕνα βιβλίο πού δέν εἶχε διαβάσει ποτέ... Ἡ Ἰταλία ἦταν στό θέρμο τοῦ καλοκαιριοῦ. Οἱ δρόμοι ἦταν γεμάτοι φῶς καί θόρυβο, κι ὁ νεαρός ἄνδρας περπατοῦσε χωρίς σκοπό, κρατώντας στά χέρια του ἕνα βιβλίο πού δέν εἶχε διαβάσει ποτέ...

Ὅταν ἔφτασε στήν πλατεία, εἶδε τήν κοπέλα καθισμένη στό σκαλοπάτι τῆς ἐκκλησίας. Φοροῦσε ἕνα λευκό φόρεμα καί κρατοῦσε ἕνα μικρό μπουκέτο λουλούδια. Τά μάτια της ἦταν μεγάλα καί σκοτεινά, γεμάτα μιά θλίψη πού δέν μποροῦσε νά τήν ἐξηγήσῃ... Ὅταν ἔφτασε στήν πλατεία, εἶδε τήν κοπέλα καθισμένη στό σκαλοπάτι τῆς ἐκκλησίας. Φοροῦσε ἕνα λευκό φόρεμα καί κρατοῦσε ἕνα μικρό μπουκέτο λουλούδια. Τά μάτια της ἦταν μεγάλα καί σκοτεινά, γεμάτα μιά θλίψη πού δέν μποροῦσε νά τήν ἐξηγήσῃ... Ὅταν ἔφτασε στήν πλατεία, εἶδε τήν κοπέλα καθισμένη στό σκαλοπάτι τῆς ἐκκλησίας. Φοροῦσε ἕνα λευκό φόρεμα καί κρατοῦσε ἕνα μικρό μπουκέτο λουλούδια. Τά μάτια της ἦταν μεγάλα καί σκοτεινά, γεμάτα μιά θλίψη πού δέν μποροῦσε νά τήν ἐξηγήσῃ...

— Ποιά εἶσαι; τή ρώτησε. — Ἕνας ἄγγελος, τοῦ ἀπάντησε χαμογελώντας. Κι ἐκεῖνος ἔμεινε νά τήν κοιτάζῃ, σάν νά μήν πίστευε στά μάτια του... — Ποιά εἶσαι; τή ρώτησε. — Ἕνας ἄγγελος, τοῦ ἀπάντησε χαμογελώντας. Κι ἐκεῖνος ἔμεινε νά τήν κοιτάζῃ, σάν νά μήν πίστευε στά μάτια του...

Ὅταν ἔφτασε στήν πλατεία, εἶδε τήν κοπέλα καθισμένη στό σκαλοπάτι τῆς ἐκκλησίας. Φοροῦσε ἕνα λευκό φόρεμα καί κρατοῦσε ἕνα μικρό μπουκέτο λουλούδια. Τά μάτια της ἦταν μεγάλα καί σκοτεινά, γεμάτα μιά θλίψη πού δέν μποροῦσε νά τήν ἐξηγήσῃ... Ἐκείνη τή νύχτα δέν κοιμήθηκε. Ἡ εἰκόνα της τόν ἀκολουθοῦσε παντοῦ, σάν σκιά, σάν ὄνειρο πού δέν ἤθελε νά τελειώσῃ... Ἐκείνη τή νύχτα δέν κοιμήθηκε. Ἡ εἰκόνα της τόν ἀκολουθοῦσε παντοῦ, σάν σκιά, σάν ὄνειρο πού δέν ἤθελε νά τελειώσῃ...

— Ποιά εἶσαι; τή ρώτησε. — Ἕνας ἄγγελος, τοῦ ἀπάντησε χαμογελώντας. Κι ἐκεῖνος ἔμεινε νά τήν κοιτάζῃ, σάν νά μήν πίστευε στά μάτια του... — Ποιά εἶσαι; τή ρώτησε. — Ἕνας ἄγγελος, τοῦ ἀπάντησε χαμογελώντας. Κι ἐκεῖνος ἔμεινε νά τήν κοιτάζῃ, σάν νά μήν πίστευε στά μάτια του... — Ποιά εἶσαι; τή ρώτησε. — Ἕνας ἄγγελος, τοῦ ἀπάντησε χαμογελώντας. Κι ἐκεῖνος ἔμεινε νά τήν κοιτάζῃ, σάν νά μήν πίστευε στά μάτια του...

Ἡ Ἰταλία ἦταν στό θέρμο τοῦ καλοκαιριοῦ. Οἱ δρόμοι ἦταν γεμάτοι φῶς καί θόρυβο, κι ὁ νεαρός ἄνδρας περπατοῦσε χωρίς σκοπό, κρατώντας στά χέρια του ἕνα βιβλίο πού δέν εἶχε διαβάσει ποτέ... Ἡ Ἰταλία ἦταν στό θέρμο τοῦ καλοκαιριοῦ. Οἱ δρόμοι ἦταν γεμάτοι φῶς καί θόρυβο, κι ὁ νεαρός ἄνδρας περπατοῦσε χωρίς σκοπό, κρατώντας στά χέρια του ἕνα βιβλίο πού δέν εἶχε διαβάσει ποτέ... ΕΙΧΕ βρίσκει καταφύγιο σέ μακρινό χρόνια, μικρός μαθητής, στό συμπόσιο τῆς μοναξιᾶς του. Ἡ πόλη κοιμόταν καί ἐκεῖνος περιπλανιόταν στούς δρόμους ἀναζητώντας μιά φωνή, ἕνα χαμόγελο, ἕνα βλέμμα πού θά τόν καλοῦσε νά ζήσῃ...

Ἐκείνη τή νύχτα δέν κοιμήθηκε. Ἡ εἰκόνα της τόν ἀκολουθοῦσε παντοῦ, σάν σκιά, σάν ὄνειρο πού δέν ἤθελε νά τελειώσῃ... Ἐκείνη τή νύχτα δέν κοιμήθηκε. Ἡ εἰκόνα της τόν ἀκολουθοῦσε παντοῦ, σάν σκιά, σάν ὄνειρο πού δέν ἤθελε νά τελειώσῃ...

— Ποιά εἶσαι; τή ρώτησε. — Ἕνας ἄγγελος, τοῦ ἀπάντησε χαμογελώντας. Κι ἐκεῖνος ἔμεινε νά τήν κοιτάζῃ, σάν νά μήν πίστευε στά μάτια του... Ὅταν ἔφτασε στήν πλατεία, εἶδε τήν κοπέλα καθισμένη στό σκαλοπάτι τῆς ἐκκλησίας. Φοροῦσε ἕνα λευκό φόρεμα καί κρατοῦσε ἕνα μικρό μπουκέτο λουλούδια. Τά μάτια της ἦταν μεγάλα καί σκοτεινά, γεμάτα μιά θλίψη πού δέν μποροῦσε νά τήν ἐξηγήσῃ... Ὅταν ἔφτασε στήν πλατεία, εἶδε τήν κοπέλα καθισμένη στό σκαλοπάτι τῆς ἐκκλησίας. Φοροῦσε ἕνα λευκό φόρεμα καί κρατοῦσε ἕνα μικρό μπουκέτο λουλούδια. Τά μάτια της ἦταν μεγάλα καί σκοτεινά, γεμάτα μιά θλίψη πού δέν μποροῦσε νά τήν ἐξηγήσῃ...

Ἐκείνη τή νύχτα δέν κοιμήθηκε. Ἡ εἰκόνα της τόν ἀκολουθοῦσε παντοῦ, σάν σκιά, σάν ὄνειρο πού δέν ἤθελε νά τελειώσῃ... ΕΙΧΕ βρίσκει καταφύγιο σέ μακρινό χρόνια, μικρός μαθητής, στό συμπόσιο τῆς μοναξιᾶς του. Ἡ πόλη κοιμόταν καί ἐκεῖνος περιπλανιόταν στούς δρόμους ἀναζητώντας μιά φωνή, ἕνα χαμόγελο, ἕνα βλέμμα πού θά τόν καλοῦσε νά ζήσῃ... ΕΙΧΕ βρίσκει καταφύγιο σέ μακρινό χρόνια, μικρός μαθητής, στό συμπόσιο τῆς μοναξιᾶς του. Ἡ πόλη κοιμόταν καί ἐκεῖνος περιπλανιόταν στούς δρόμους ἀναζητώντας μιά φωνή, ἕνα χαμόγελο, ἕνα βλέμμα πού θά τόν καλοῦσε νά ζήσῃ...

— Ποιά εἶσαι; τή ρώτησε. — Ἕνας ἄγγελος, τοῦ ἀπάντησε χαμογελώντας. Κι ἐκεῖνος ἔμεινε νά τήν κοιτάζῃ, σάν νά μήν πίστευε στά μάτια του... Ἡ Ἰταλία ἦταν στό θέρμο τοῦ καλοκαιριοῦ. Οἱ δρόμοι ἦταν γεμάτοι φῶς καί θόρυβο, κι ὁ νεαρός ἄνδρας περπατοῦσε χωρίς σκοπό, κρατώντας στά χέρια του ἕνα βιβλίο πού δέν εἶχε διαβάσει ποτέ... Ἐκείνη τή νύχτα δέν κοιμήθηκε. Ἡ εἰκόνα της τόν ἀκολουθοῦσε παντοῦ, σάν σκιά, σάν ὄνειρο πού δέν ἤθελε νά τελειώσῃ...

Ὅταν ἔφτασε στήν πλατεία, εἶδε τήν κοπέλα καθισμένη στό σκαλοπάτι τῆς ἐκκλησίας. Φοροῦσε ἕνα λευκό φόρεμα καί κρατοῦσε ἕνα μικρό μπουκέτο λουλούδια. Τά μάτια της ἦταν μεγάλα καί σκοτεινά, γεμάτα μιά θλίψη πού δέν μποροῦσε νά τήν ἐξηγήσῃ... Ἡ Ἰταλία ἦταν στό θέρμο τοῦ καλοκαιριοῦ. Οἱ δρόμοι ἦταν γεμάτοι φῶς καί θόρυβο, κι ὁ νεαρός ἄνδρας περπατοῦσε χωρίς σκοπό, κρατώντας στά χέρια του ἕνα βιβλίο πού δέν εἶχε διαβάσει ποτέ...

ΑΥΡΙΟΝ: Ἡ συνέχεια
